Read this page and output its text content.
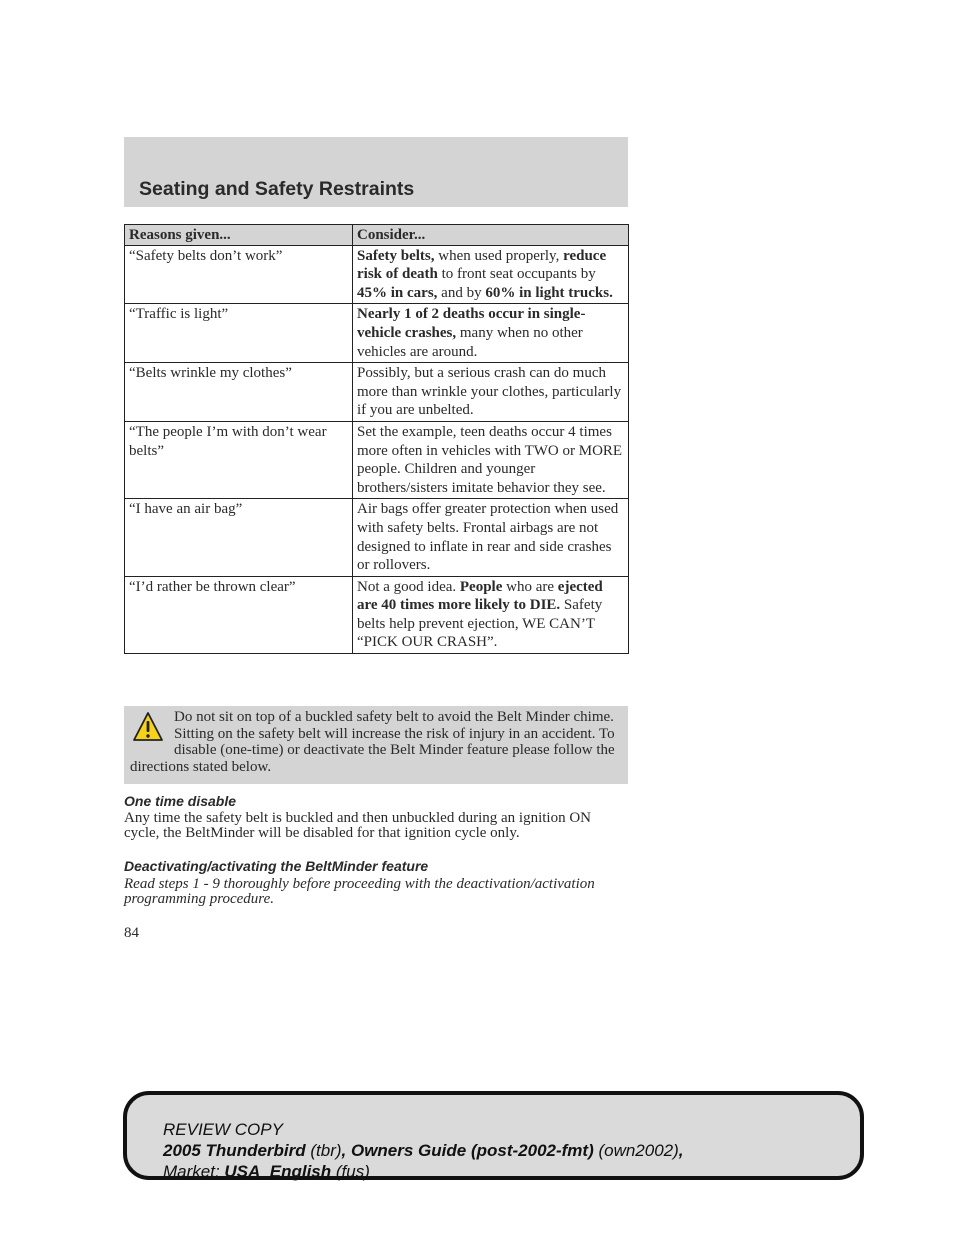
Seating and Safety Restraints
Reasons given...	Consider...
“Safety belts don’t work”	Safety belts, when used properly, reduce risk of death to front seat occupants by 45% in cars, and by 60% in light trucks.
“Traffic is light”	Nearly 1 of 2 deaths occur in single-vehicle crashes, many when no other vehicles are around.
“Belts wrinkle my clothes”	Possibly, but a serious crash can do much more than wrinkle your clothes, particularly if you are unbelted.
“The people I’m with don’t wear belts”	Set the example, teen deaths occur 4 times more often in vehicles with TWO or MORE people. Children and younger brothers/sisters imitate behavior they see.
“I have an air bag”	Air bags offer greater protection when used with safety belts. Frontal airbags are not designed to inflate in rear and side crashes or rollovers.
“I’d rather be thrown clear”	Not a good idea. People who are ejected are 40 times more likely to DIE. Safety belts help prevent ejection, WE CAN’T “PICK OUR CRASH”.
Do not sit on top of a buckled safety belt to avoid the Belt Minder chime. Sitting on the safety belt will increase the risk of injury in an accident. To disable (one-time) or deactivate the Belt Minder feature please follow the directions stated below.

One time disable

Any time the safety belt is buckled and then unbuckled during an ignition ON cycle, the BeltMinder will be disabled for that ignition cycle only.

Deactivating/activating the BeltMinder feature

Read steps 1 - 9 thoroughly before proceeding with the deactivation/activation programming procedure.

84
REVIEW COPY
2005 Thunderbird (tbr), Owners Guide (post-2002-fmt) (own2002),
Market: USA_English (fus)
